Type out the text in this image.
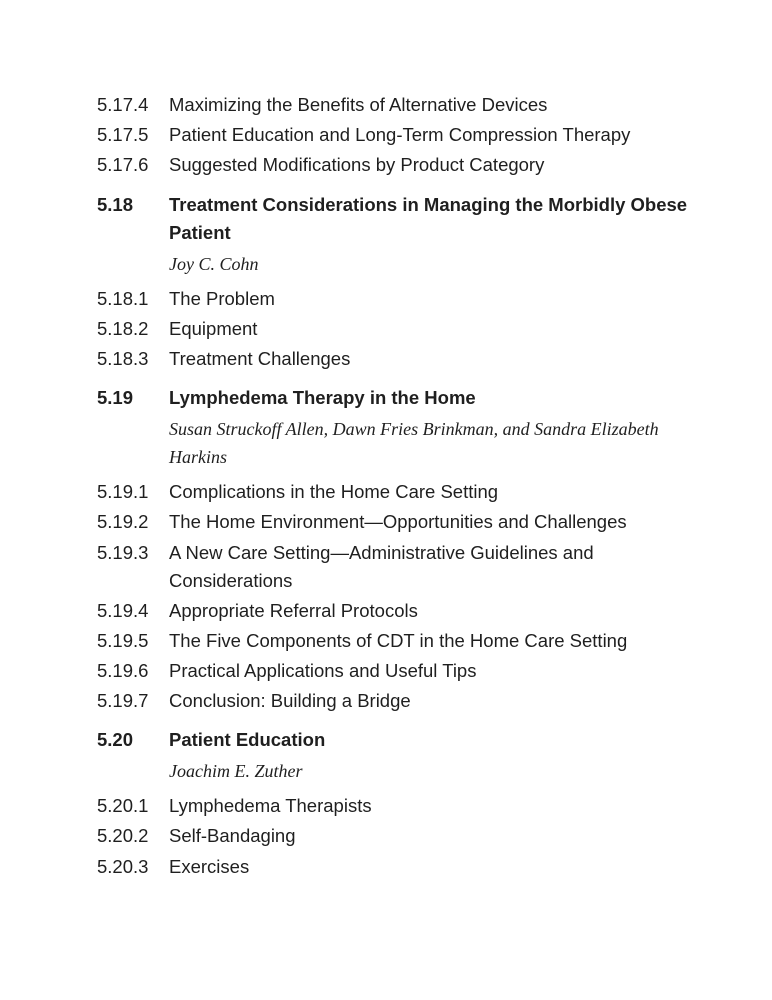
5.17.4	Maximizing the Benefits of Alternative Devices
5.17.5	Patient Education and Long-Term Compression Therapy
5.17.6	Suggested Modifications by Product Category
5.18	Treatment Considerations in Managing the Morbidly Obese Patient
Joy C. Cohn
5.18.1	The Problem
5.18.2	Equipment
5.18.3	Treatment Challenges
5.19	Lymphedema Therapy in the Home
Susan Struckoff Allen, Dawn Fries Brinkman, and Sandra Elizabeth Harkins
5.19.1	Complications in the Home Care Setting
5.19.2	The Home Environment—Opportunities and Challenges
5.19.3	A New Care Setting—Administrative Guidelines and Considerations
5.19.4	Appropriate Referral Protocols
5.19.5	The Five Components of CDT in the Home Care Setting
5.19.6	Practical Applications and Useful Tips
5.19.7	Conclusion: Building a Bridge
5.20	Patient Education
Joachim E. Zuther
5.20.1	Lymphedema Therapists
5.20.2	Self-Bandaging
5.20.3	Exercises
